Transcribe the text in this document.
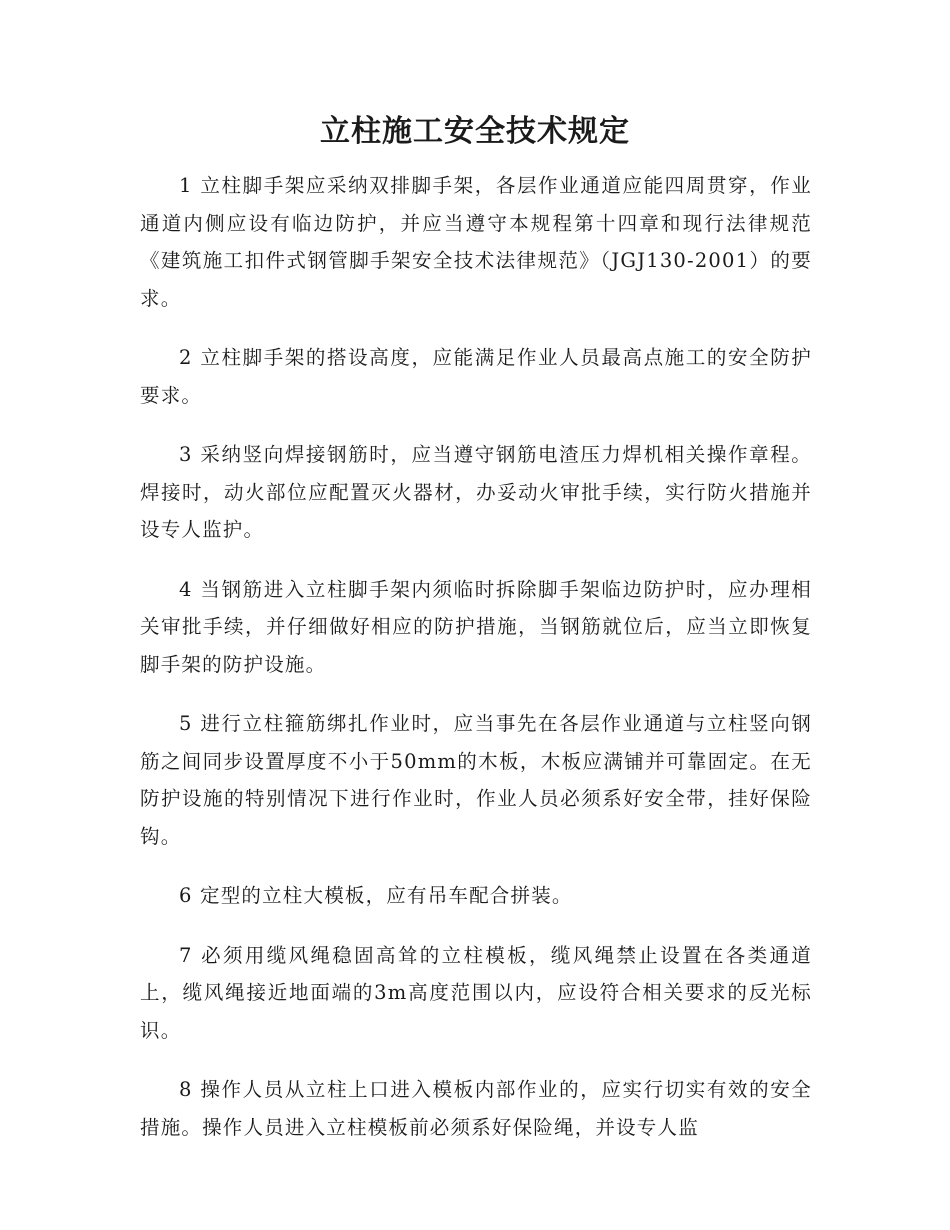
立柱施工安全技术规定

1 立柱脚手架应采纳双排脚手架，各层作业通道应能四周贯穿，作业通道内侧应设有临边防护，并应当遵守本规程第十四章和现行法律规范《建筑施工扣件式钢管脚手架安全技术法律规范》（JGJ130-2001）的要求。

2 立柱脚手架的搭设高度，应能满足作业人员最高点施工的安全防护要求。

3 采纳竖向焊接钢筋时，应当遵守钢筋电渣压力焊机相关操作章程。焊接时，动火部位应配置灭火器材，办妥动火审批手续，实行防火措施并设专人监护。

4 当钢筋进入立柱脚手架内须临时拆除脚手架临边防护时，应办理相关审批手续，并仔细做好相应的防护措施，当钢筋就位后，应当立即恢复脚手架的防护设施。

5 进行立柱箍筋绑扎作业时，应当事先在各层作业通道与立柱竖向钢筋之间同步设置厚度不小于50mm的木板，木板应满铺并可靠固定。在无防护设施的特别情况下进行作业时，作业人员必须系好安全带，挂好保险钩。

6 定型的立柱大模板，应有吊车配合拼装。

7 必须用缆风绳稳固高耸的立柱模板，缆风绳禁止设置在各类通道上，缆风绳接近地面端的3m高度范围以内，应设符合相关要求的反光标识。

8 操作人员从立柱上口进入模板内部作业的，应实行切实有效的安全措施。操作人员进入立柱模板前必须系好保险绳，并设专人监
